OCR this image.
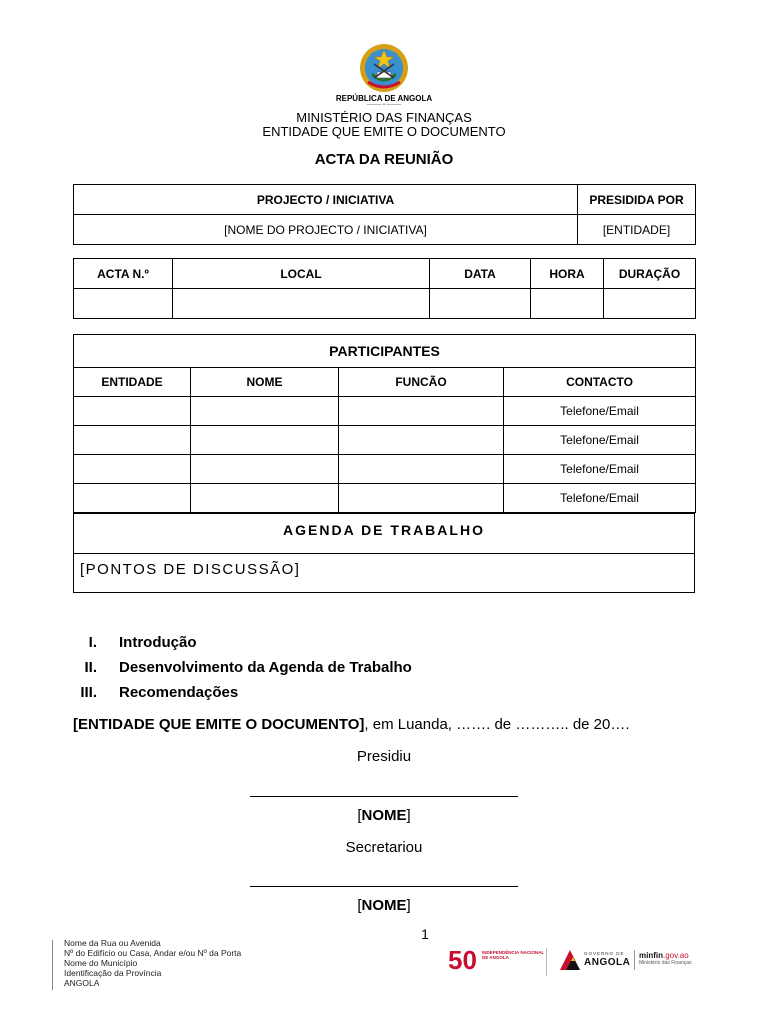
REPÚBLICA DE ANGOLA
——— • ———
MINISTÉRIO DAS FINANÇAS
ENTIDADE QUE EMITE O DOCUMENTO
ACTA DA REUNIÃO
PROJECTO / INICIATIVA	PRESIDIDA POR
[NOME DO PROJECTO / INICIATIVA]	[ENTIDADE]
ACTA N.º	LOCAL	DATA	HORA	DURAÇÃO

PARTICIPANTES			
ENTIDADE	NOME	FUNCÃO	CONTACTO
			Telefone/Email
			Telefone/Email
			Telefone/Email
			Telefone/Email
AGENDA DE TRABALHO
[PONTOS DE DISCUSSÃO]
I. Introdução
II. Desenvolvimento da Agenda de Trabalho
III. Recomendações
[ENTIDADE QUE EMITE O DOCUMENTO], em Luanda, ……. de ……….. de 20….
Presidiu
[NOME]
Secretariou
[NOME]
1
Nome da Rua ou Avenida
Nº do Edifício ou Casa, Andar e/ou Nº da Porta
Nome do Município
Identificação da Província
ANGOLA
50 INDEPENDÊNCIA NACIONAL DE ANGOLA
GOVERNO DE
ANGOLA
minfin.gov.ao
Ministério das Finanças
